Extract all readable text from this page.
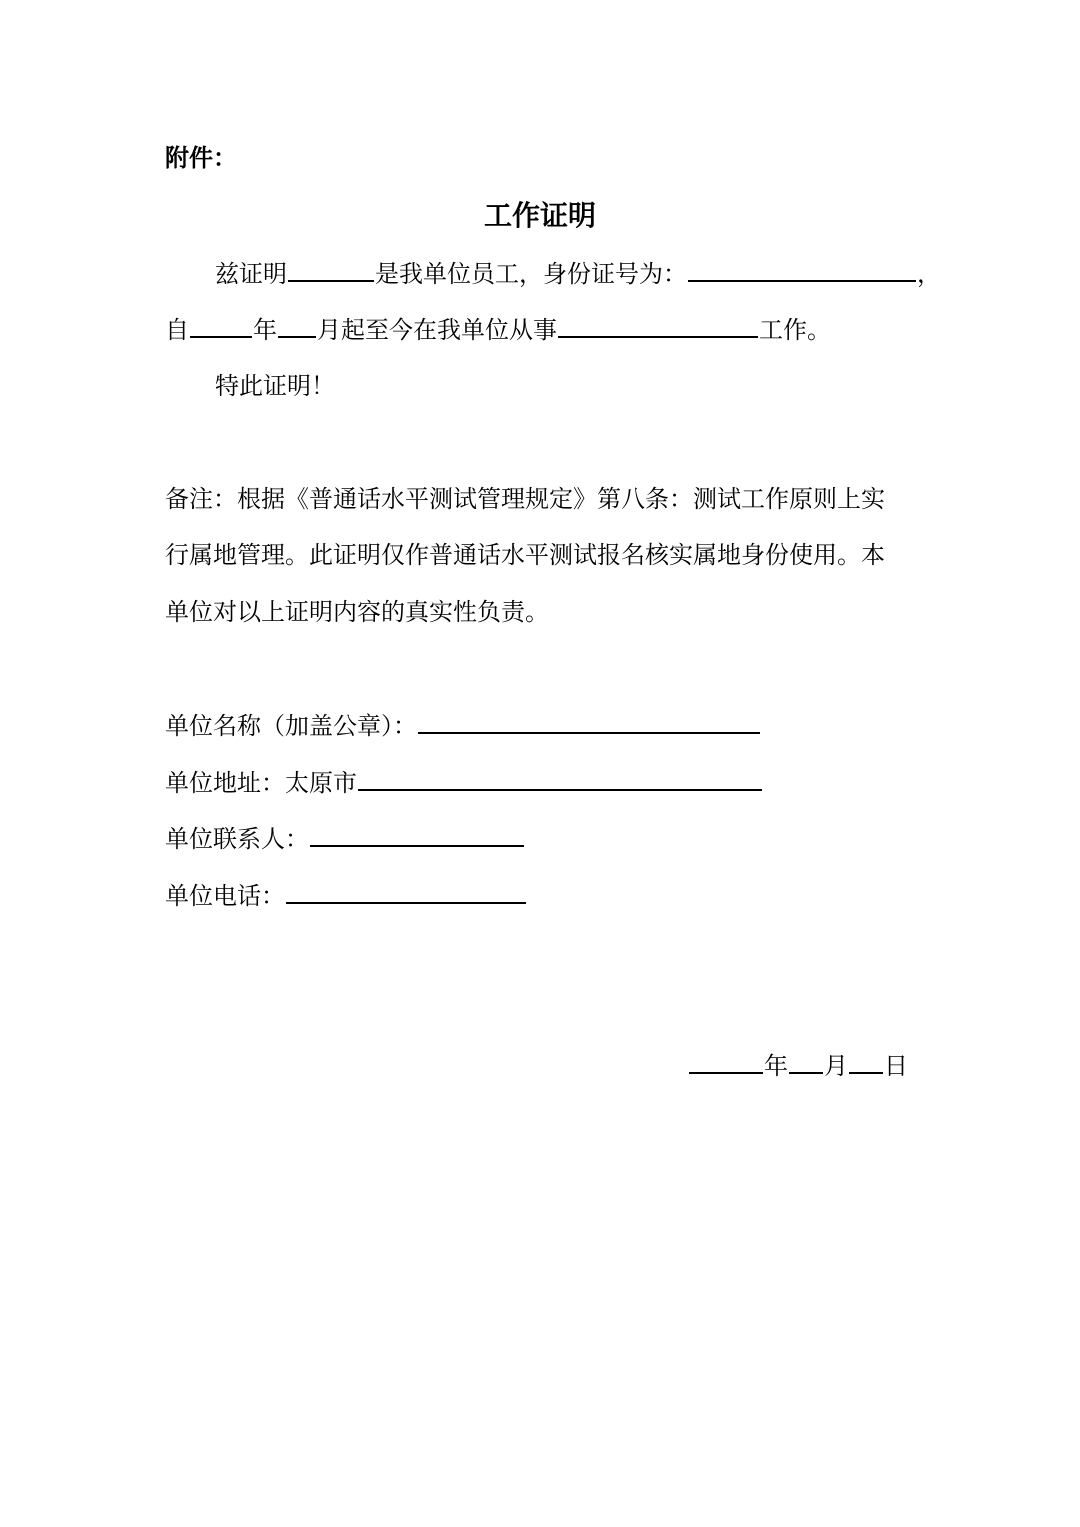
附件：
工作证明
兹证明	是我单位员工，身份证号为：	，
自	年 月起至今在我单位从事	工作。
特此证明！
备注：根据《普通话水平测试管理规定》第八条：测试工作原则上实
行属地管理。此证明仅作普通话水平测试报名核实属地身份使用。本
单位对以上证明内容的真实性负责。
单位名称（加盖公章）：
单位地址：太原市
单位联系人：
单位电话：
年 月 日
